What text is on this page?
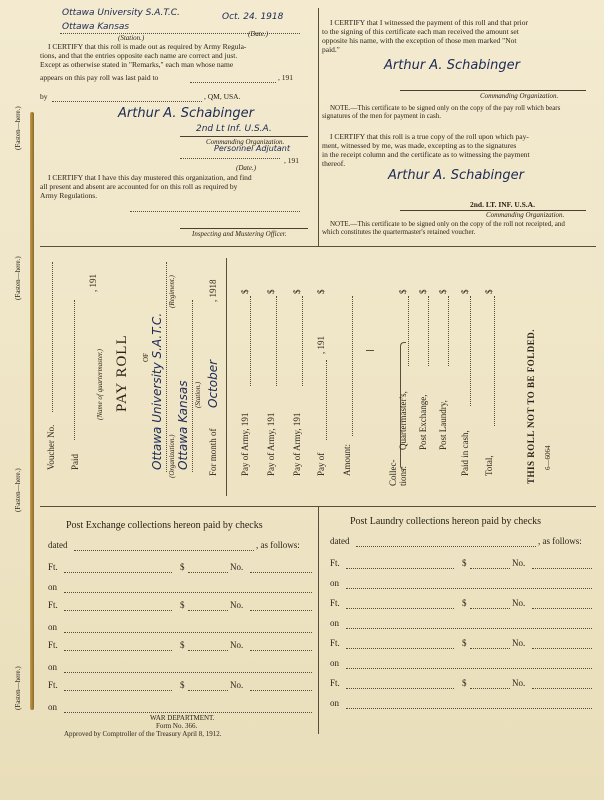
(Fasten—here.)
(Fasten—here.)
(Fasten—here.)
(Fasten—here.)
Ottawa University S.A.T.C.	Oct. 24. 1918
Ottawa Kansas
(Station.)	(Date.)
I CERTIFY that this roll is made out as required by Army Regula-
tions, and that the entries opposite each name are correct and just.
Except as otherwise stated in "Remarks," each man whose name
appears on this pay roll was last paid to	, 191
by	, QM, USA.
Arthur A. Schabinger
2nd Lt Inf. U.S.A.
Commanding Organization.
Personnel Adjutant
, 191
(Date.)
I CERTIFY that I have this day mustered this organization, and find
all present and absent are accounted for on this roll as required by
Army Regulations.
Inspecting and Mustering Officer.
I CERTIFY that I witnessed the payment of this roll and that prior
to the signing of this certificate each man received the amount set
opposite his name, with the exception of those men marked "Not
paid."
Arthur A. Schabinger
Commanding Organization.
NOTE.—This certificate to be signed only on the copy of the pay roll which bears
signatures of the men for payment in cash.
I CERTIFY that this roll is a true copy of the roll upon which pay-
ment, witnessed by me, was made, excepting as to the signatures
in the receipt column and the certificate as to witnessing the payment
thereof.
Arthur A. Schabinger
2nd. LT. INF. U.S.A.
Commanding Organization.
NOTE.—This certificate to be signed only on the copy of the roll not receipted, and
which constitutes the quartermaster's retained voucher.
Voucher No. Paid
, 191
(Name of quartermaster.) PAY ROLL OF Ottawa University S.A.T.C. (Organization.)
(Regiment.)
Ottawa Kansas (Station.)
For month of
October
, 1918
Pay of Army, 191
$
Pay of Army, 191
$
Pay of Army, 191
$
Pay of
, 191
$
Amount:	Collec-
tions:
Quartermaster's,
$
Post Exchange,
$
Post Laundry,
$
Paid in cash,
$
Total,
$
THIS ROLL NOT TO BE FOLDED. 6—6064
Post Exchange collections hereon paid by checks
dated	, as follows:
Ft.	$	No.
on
Ft.	$	No.
on
Ft.	$	No.
on
Ft.	$	No.
on
WAR DEPARTMENT.
Form No. 366.
Approved by Comptroller of the Treasury April 8, 1912.
Post Laundry collections hereon paid by checks
dated	, as follows:
Ft.	$	No.
on
Ft.	$	No.
on
Ft.	$	No.
on
Ft.	$	No.
on
